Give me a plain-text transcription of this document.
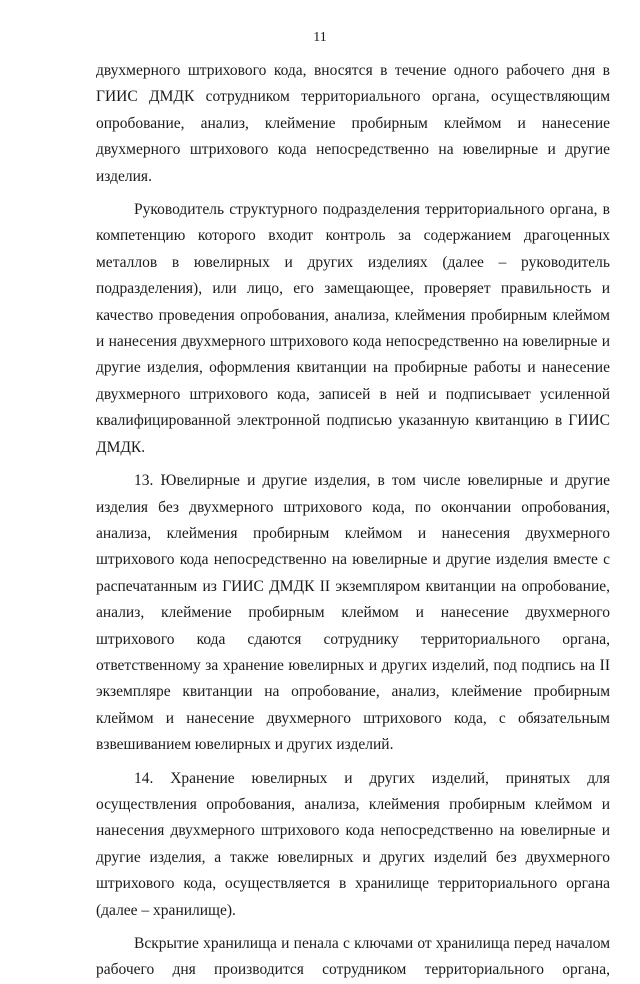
11

двухмерного штрихового кода, вносятся в течение одного рабочего дня в ГИИС ДМДК сотрудником территориального органа, осуществляющим опробование, анализ, клеймение пробирным клеймом и нанесение двухмерного штрихового кода непосредственно на ювелирные и другие изделия.

Руководитель структурного подразделения территориального органа, в компетенцию которого входит контроль за содержанием драгоценных металлов в ювелирных и других изделиях (далее – руководитель подразделения), или лицо, его замещающее, проверяет правильность и качество проведения опробования, анализа, клеймения пробирным клеймом и нанесения двухмерного штрихового кода непосредственно на ювелирные и другие изделия, оформления квитанции на пробирные работы и нанесение двухмерного штрихового кода, записей в ней и подписывает усиленной квалифицированной электронной подписью указанную квитанцию в ГИИС ДМДК.

13. Ювелирные и другие изделия, в том числе ювелирные и другие изделия без двухмерного штрихового кода, по окончании опробования, анализа, клеймения пробирным клеймом и нанесения двухмерного штрихового кода непосредственно на ювелирные и другие изделия вместе с распечатанным из ГИИС ДМДК II экземпляром квитанции на опробование, анализ, клеймение пробирным клеймом и нанесение двухмерного штрихового кода сдаются сотруднику территориального органа, ответственному за хранение ювелирных и других изделий, под подпись на II экземпляре квитанции на опробование, анализ, клеймение пробирным клеймом и нанесение двухмерного штрихового кода, с обязательным взвешиванием ювелирных и других изделий.

14. Хранение ювелирных и других изделий, принятых для осуществления опробования, анализа, клеймения пробирным клеймом и нанесения двухмерного штрихового кода непосредственно на ювелирные и другие изделия, а также ювелирных и других изделий без двухмерного штрихового кода, осуществляется в хранилище территориального органа (далее – хранилище).

Вскрытие хранилища и пенала с ключами от хранилища перед началом рабочего дня производится сотрудником территориального органа,
